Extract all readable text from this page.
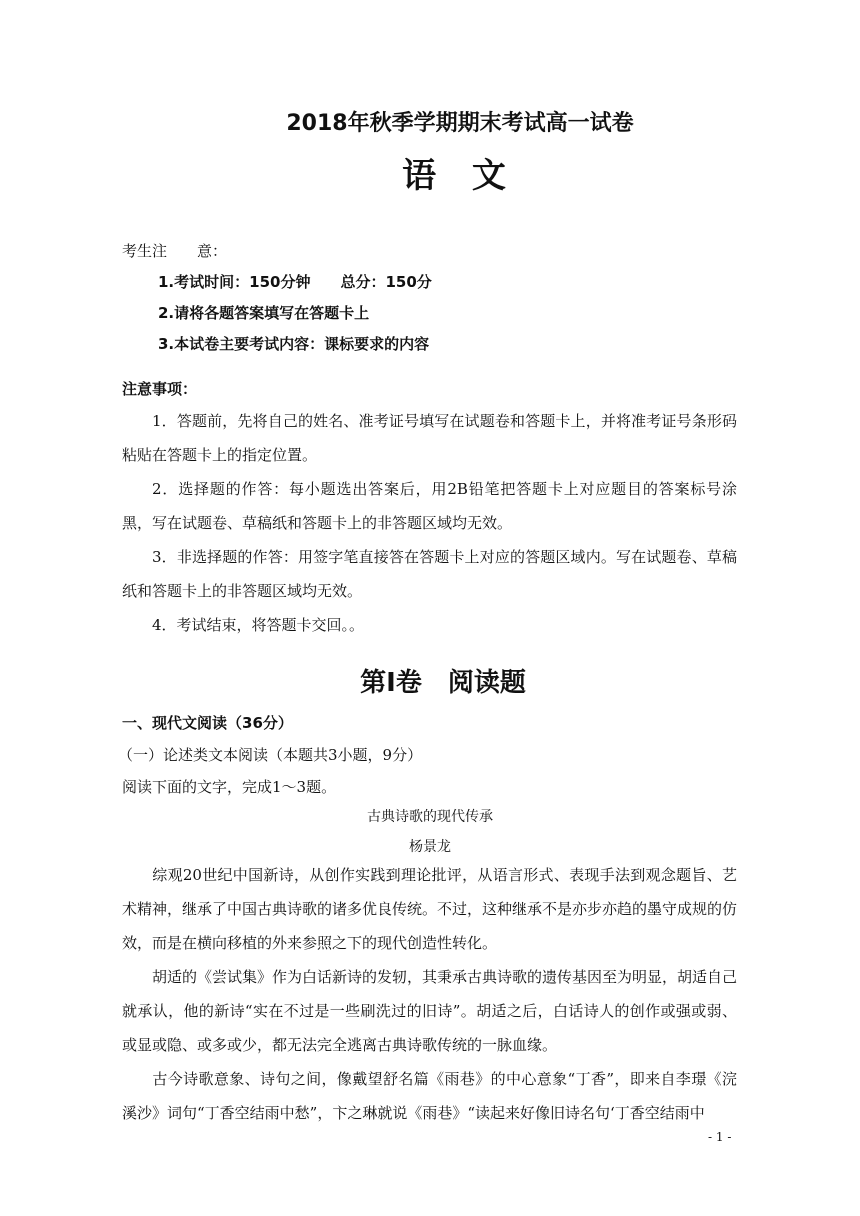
2018年秋季学期期末考试高一试卷
语 文
考生注　　意：
1.考试时间：150分钟　　总分：150分
2.请将各题答案填写在答题卡上
3.本试卷主要考试内容：课标要求的内容
注意事项：
1．答题前，先将自己的姓名、准考证号填写在试题卷和答题卡上，并将准考证号条形码粘贴在答题卡上的指定位置。
2．选择题的作答：每小题选出答案后，用2B铅笔把答题卡上对应题目的答案标号涂黑，写在试题卷、草稿纸和答题卡上的非答题区域均无效。
3．非选择题的作答：用签字笔直接答在答题卡上对应的答题区域内。写在试题卷、草稿纸和答题卡上的非答题区域均无效。
4．考试结束，将答题卡交回。。
第Ⅰ卷　阅读题
一、现代文阅读（36分）
（一）论述类文本阅读（本题共3小题，9分）
阅读下面的文字，完成1～3题。
古典诗歌的现代传承
杨景龙
综观20世纪中国新诗，从创作实践到理论批评，从语言形式、表现手法到观念题旨、艺术精神，继承了中国古典诗歌的诸多优良传统。不过，这种继承不是亦步亦趋的墨守成规的仿效，而是在横向移植的外来参照之下的现代创造性转化。
胡适的《尝试集》作为白话新诗的发轫，其秉承古典诗歌的遗传基因至为明显，胡适自己就承认，他的新诗“实在不过是一些刷洗过的旧诗”。胡适之后，白话诗人的创作或强或弱、或显或隐、或多或少，都无法完全逃离古典诗歌传统的一脉血缘。
古今诗歌意象、诗句之间，像戴望舒名篇《雨巷》的中心意象“丁香”，即来自李璟《浣溪沙》词句“丁香空结雨中愁”，卞之琳就说《雨巷》“读起来好像旧诗名句‘丁香空结雨中
- 1 -
